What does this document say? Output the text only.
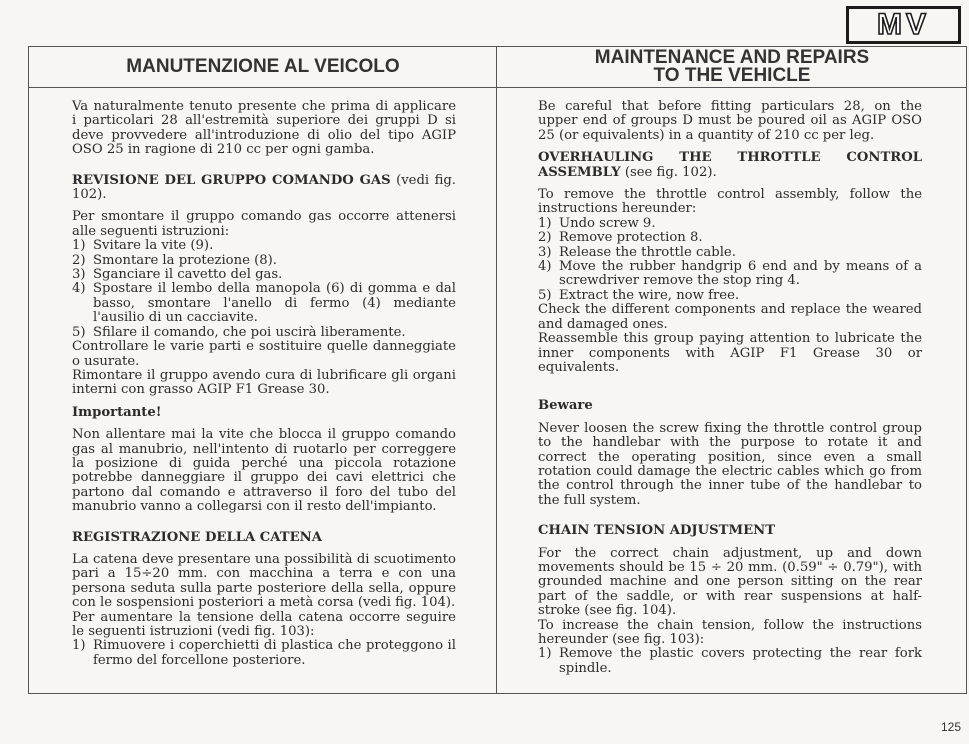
MV
MANUTENZIONE AL VEICOLO	MAINTENANCE AND REPAIRS
TO THE VEHICLE

Va naturalmente tenuto presente che prima di applicare i particolari 28 all'estremità superiore dei gruppi D si deve provvedere all'introduzione di olio del tipo AGIP OSO 25 in ragione di 210 cc per ogni gamba.

REVISIONE DEL GRUPPO COMANDO GAS (vedi fig. 102).

Per smontare il gruppo comando gas occorre attenersi alle seguenti istruzioni:

1) Svitare la vite (9).
2) Smontare la protezione (8).
3) Sganciare il cavetto del gas.
4) Spostare il lembo della manopola (6) di gomma e dal basso, smontare l'anello di fermo (4) mediante l'ausilio di un cacciavite.
5) Sfilare il comando, che poi uscirà liberamente.

Controllare le varie parti e sostituire quelle danneggiate o usurate.

Rimontare il gruppo avendo cura di lubrificare gli organi interni con grasso AGIP F1 Grease 30.

Importante!

Non allentare mai la vite che blocca il gruppo comando gas al manubrio, nell'intento di ruotarlo per correggere la posizione di guida perché una piccola rotazione potrebbe danneggiare il gruppo dei cavi elettrici che partono dal comando e attraverso il foro del tubo del manubrio vanno a collegarsi con il resto dell'impianto.

REGISTRAZIONE DELLA CATENA

La catena deve presentare una possibilità di scuotimento pari a 15÷20 mm. con macchina a terra e con una persona seduta sulla parte posteriore della sella, oppure con le sospensioni posteriori a metà corsa (vedi fig. 104).

Per aumentare la tensione della catena occorre seguire le seguenti istruzioni (vedi fig. 103):

1) Rimuovere i coperchietti di plastica che proteggono il fermo del forcellone posteriore.

Be careful that before fitting particulars 28, on the upper end of groups D must be poured oil as AGIP OSO 25 (or equivalents) in a quantity of 210 cc per leg.

OVERHAULING THE THROTTLE CONTROL ASSEMBLY (see fig. 102).

To remove the throttle control assembly, follow the instructions hereunder:

1) Undo screw 9.
2) Remove protection 8.
3) Release the throttle cable.
4) Move the rubber handgrip 6 end and by means of a screwdriver remove the stop ring 4.
5) Extract the wire, now free.

Check the different components and replace the weared and damaged ones.

Reassemble this group paying attention to lubricate the inner components with AGIP F1 Grease 30 or equivalents.

Beware

Never loosen the screw fixing the throttle control group to the handlebar with the purpose to rotate it and correct the operating position, since even a small rotation could damage the electric cables which go from the control through the inner tube of the handlebar to the full system.

CHAIN TENSION ADJUSTMENT

For the correct chain adjustment, up and down movements should be 15 ÷ 20 mm. (0.59" ÷ 0.79"), with grounded machine and one person sitting on the rear part of the saddle, or with rear suspensions at half-stroke (see fig. 104).

To increase the chain tension, follow the instructions hereunder (see fig. 103):

1) Remove the plastic covers protecting the rear fork spindle.
125
